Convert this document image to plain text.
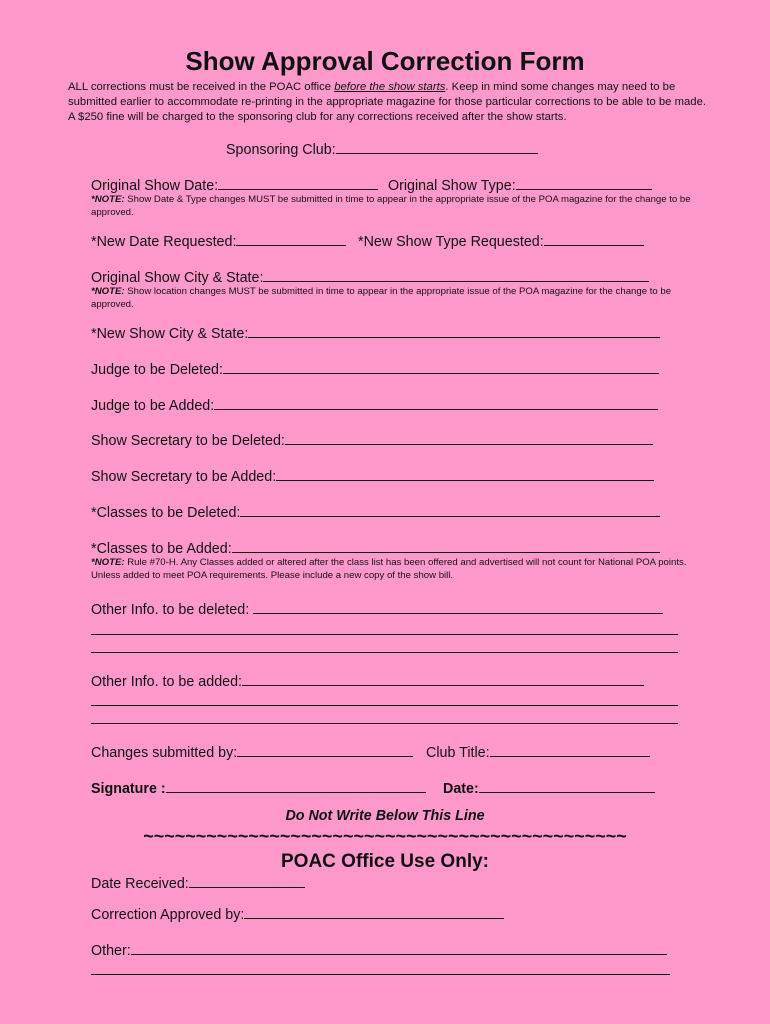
Show Approval Correction Form
ALL corrections must be received in the POAC office before the show starts. Keep in mind some changes may need to be submitted earlier to accommodate re-printing in the appropriate magazine for those particular corrections to be able to be made. A $250 fine will be charged to the sponsoring club for any corrections received after the show starts.
Sponsoring Club:
Original Show Date:	Original Show Type:
*NOTE: Show Date & Type changes MUST be submitted in time to appear in the appropriate issue of the POA magazine for the change to be approved.
*New Date Requested:	*New Show Type Requested:
Original Show City & State:
*NOTE: Show location changes MUST be submitted in time to appear in the appropriate issue of the POA magazine for the change to be approved.
*New Show City & State:
Judge to be Deleted:
Judge to be Added:
Show Secretary to be Deleted:
Show Secretary to be Added:
*Classes to be Deleted:
*Classes to be Added:
*NOTE: Rule #70-H. Any Classes added or altered after the class list has been offered and advertised will not count for National POA points. Unless added to meet POA requirements. Please include a new copy of the show bill.
Other Info. to be deleted:
Other Info. to be added:
Changes submitted by:	Club Title:
Signature :	Date:
Do Not Write Below This Line
~~~~~~~~~~~~~~~~~~~~~~~~~~~~~~~~~~~~~~~~~~~~~~
POAC Office Use Only:
Date Received:
Correction Approved by:
Other:
